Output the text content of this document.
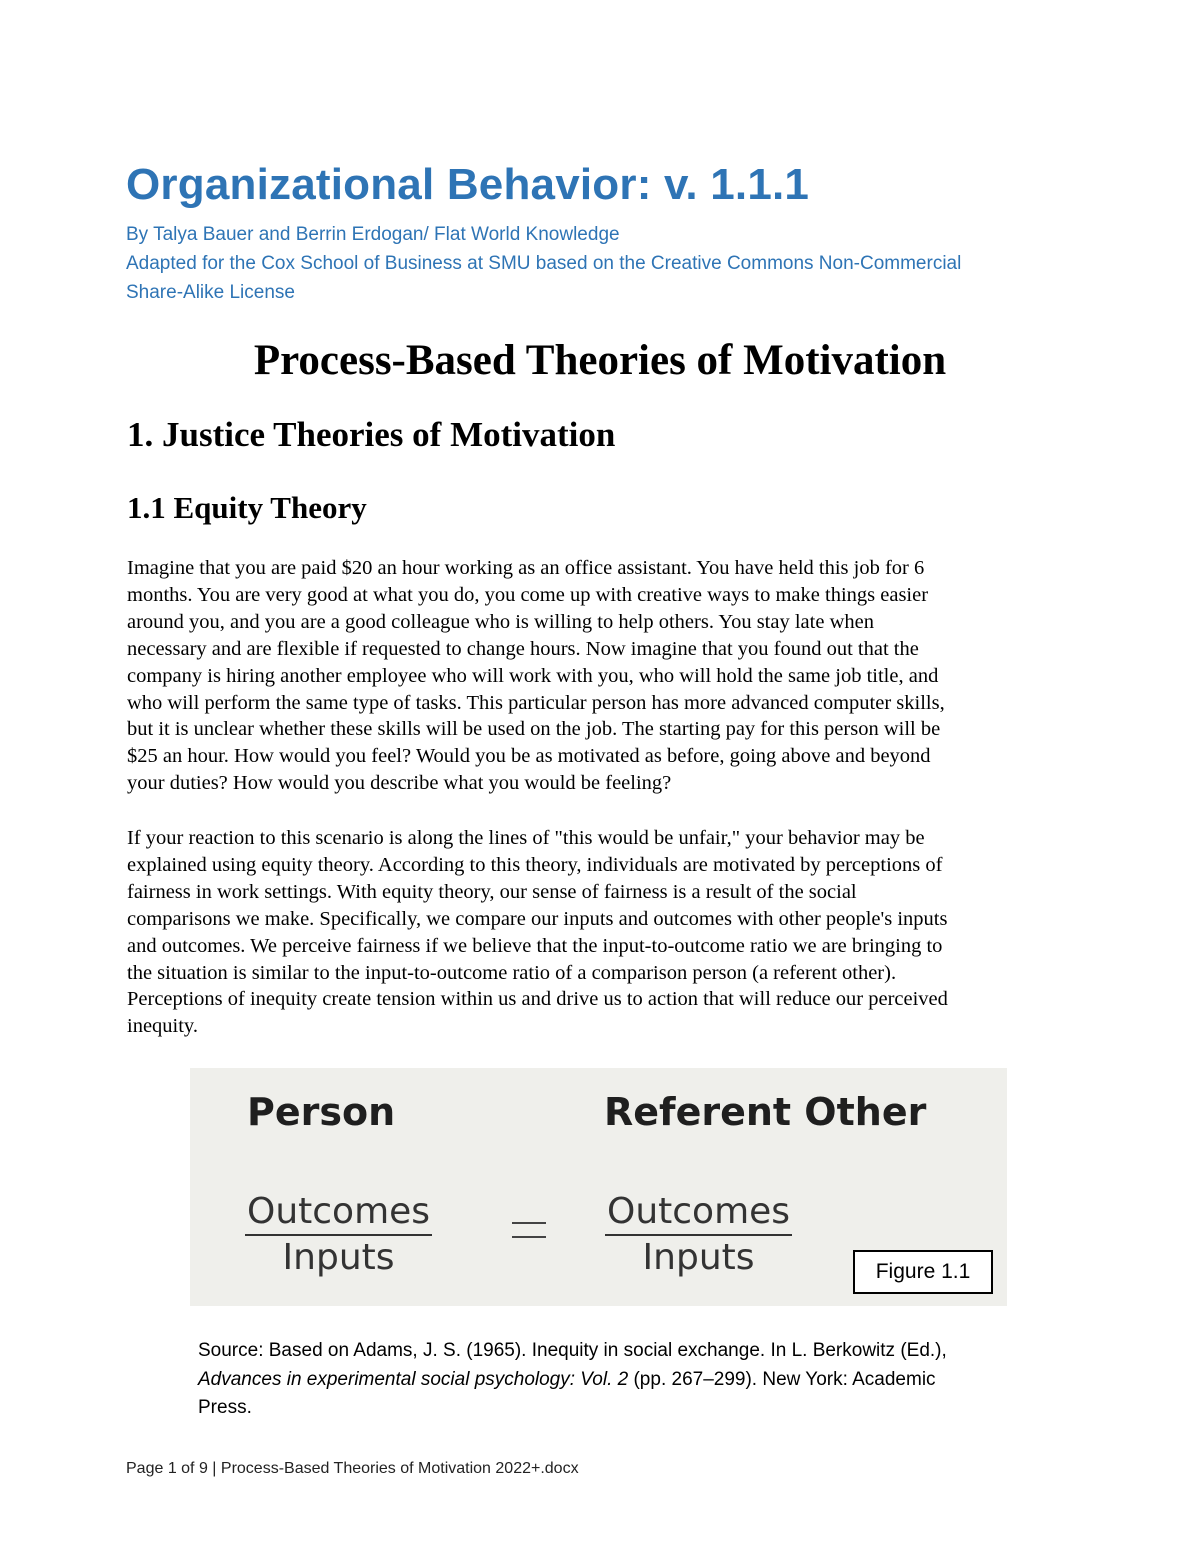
Organizational Behavior: v. 1.1.1
By Talya Bauer and Berrin Erdogan/ Flat World Knowledge
Adapted for the Cox School of Business at SMU based on the Creative Commons Non-Commercial
Share-Alike License
Process-Based Theories of Motivation
1. Justice Theories of Motivation
1.1 Equity Theory
Imagine that you are paid $20 an hour working as an office assistant. You have held this job for 6
months. You are very good at what you do, you come up with creative ways to make things easier
around you, and you are a good colleague who is willing to help others. You stay late when
necessary and are flexible if requested to change hours. Now imagine that you found out that the
company is hiring another employee who will work with you, who will hold the same job title, and
who will perform the same type of tasks. This particular person has more advanced computer skills,
but it is unclear whether these skills will be used on the job. The starting pay for this person will be
$25 an hour. How would you feel? Would you be as motivated as before, going above and beyond
your duties? How would you describe what you would be feeling?
If your reaction to this scenario is along the lines of "this would be unfair," your behavior may be
explained using equity theory. According to this theory, individuals are motivated by perceptions of
fairness in work settings. With equity theory, our sense of fairness is a result of the social
comparisons we make. Specifically, we compare our inputs and outcomes with other people's inputs
and outcomes. We perceive fairness if we believe that the input-to-outcome ratio we are bringing to
the situation is similar to the input-to-outcome ratio of a comparison person (a referent other).
Perceptions of inequity create tension within us and drive us to action that will reduce our perceived
inequity.
Person	Referent Other
Outcomes
Inputs
Outcomes
Inputs	Figure 1.1
Source: Based on Adams, J. S. (1965). Inequity in social exchange. In L. Berkowitz (Ed.),
Advances in experimental social psychology: Vol. 2 (pp. 267–299). New York: Academic
Press.
Page 1 of 9 | Process-Based Theories of Motivation 2022+.docx
